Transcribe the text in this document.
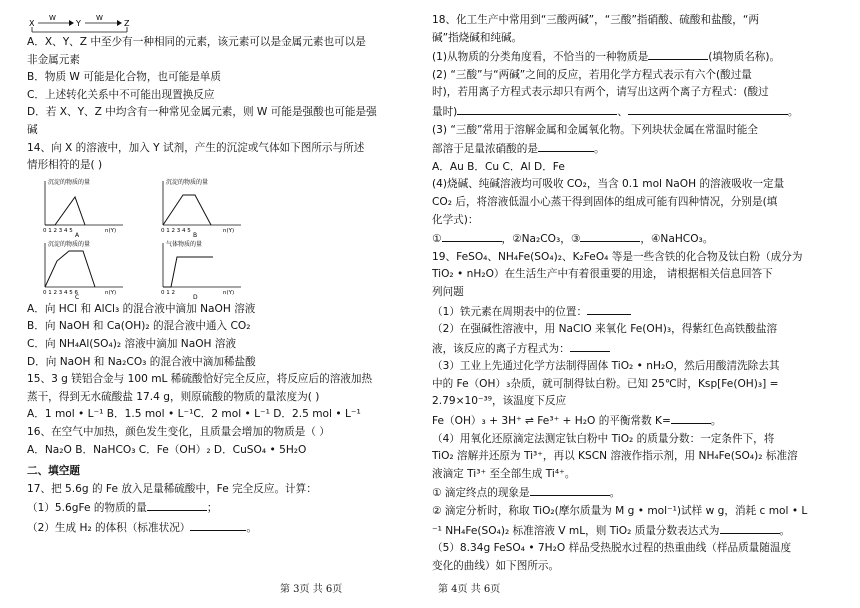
X
W
Y
W
Z

A．X、Y、Z 中至少有一种相同的元素，该元素可以是金属元素也可以是

非金属元素

B．物质 W 可能是化合物，也可能是单质

C．上述转化关系中不可能出现置换反应

D．若 X、Y、Z 中均含有一种常见金属元素，则 W 可能是强酸也可能是强

碱

14、向 X 的溶液中，加入 Y 试剂，产生的沉淀或气体如下图所示与所述

情形相符的是( )

沉淀的物质的量
0 1 2 3 4 5	n(Y)
A
沉淀的物质的量
0 1 2 3 4 5	n(Y)
B
沉淀的物质的量
0 1 2 3 4 5 6	n(Y)
C
气体物质的量
0 1 2	n(Y)
D

A．向 HCl 和 AlCl₃ 的混合液中滴加 NaOH 溶液

B．向 NaOH 和 Ca(OH)₂ 的混合液中通入 CO₂

C．向 NH₄Al(SO₄)₂ 溶液中滴加 NaOH 溶液

D．向 NaOH 和 Na₂CO₃ 的混合液中滴加稀盐酸

15、3 g 镁铝合金与 100 mL 稀硫酸恰好完全反应，将反应后的溶液加热

蒸干，得到无水硫酸盐 17.4 g，则原硫酸的物质的量浓度为( )

A．1 mol • L⁻¹ B．1.5 mol • L⁻¹C．2 mol • L⁻¹ D．2.5 mol • L⁻¹

16、在空气中加热，颜色发生变化，且质量会增加的物质是（ ）

A．Na₂O B．NaHCO₃ C．Fe（OH）₂ D．CuSO₄ • 5H₂O

二、填空题

17、把 5.6g 的 Fe 放入足量稀硫酸中，Fe 完全反应。计算：

（1）5.6gFe 的物质的量	；

（2）生成 H₂ 的体积（标准状况）	。

18、化工生产中常用到“三酸两碱”，“三酸”指硝酸、硫酸和盐酸，“两

碱”指烧碱和纯碱。

(1)从物质的分类角度看，不恰当的一种物质是	(填物质名称)。

(2) “三酸”与“两碱”之间的反应，若用化学方程式表示有六个(酸过量

时)，若用离子方程式表示却只有两个，请写出这两个离子方程式：(酸过

量时)	、	。

(3) “三酸”常用于溶解金属和金属氧化物。下列块状金属在常温时能全

部溶于足量浓硝酸的是	。

A．Au B．Cu C．Al D．Fe

(4)烧碱、纯碱溶液均可吸收 CO₂，当含 0.1 mol NaOH 的溶液吸收一定量

CO₂ 后，将溶液低温小心蒸干得到固体的组成可能有四种情况，分别是(填

化学式)：

①	，②Na₂CO₃，③	，④NaHCO₃。

19、FeSO₄、NH₄Fe(SO₄)₂、K₂FeO₄ 等是一些含铁的化合物及钛白粉（成分为

TiO₂ • nH₂O）在生活生产中有着很重要的用途， 请根据相关信息回答下

列问题

（1）铁元素在周期表中的位置：

（2）在强碱性溶液中，用 NaClO 来氧化 Fe(OH)₃，得紫红色高铁酸盐溶

液，该反应的离子方程式为：

（3）工业上先通过化学方法制得固体 TiO₂ • nH₂O，然后用酸清洗除去其

中的 Fe（OH）₃杂质，就可制得钛白粉。已知 25℃时，Ksp[Fe(OH)₃] =

2.79×10⁻³⁹，该温度下反应

Fe（OH）₃ + 3H⁺ ⇌ Fe³⁺ + H₂O 的平衡常数 K=	。

（4）用氧化还原滴定法测定钛白粉中 TiO₂ 的质量分数：一定条件下，将

TiO₂ 溶解并还原为 Ti³⁺，再以 KSCN 溶液作指示剂，用 NH₄Fe(SO₄)₂ 标准溶

液滴定 Ti³⁺ 至全部生成 Ti⁴⁺。

① 滴定终点的现象是	。

② 滴定分析时，称取 TiO₂(摩尔质量为 M g • mol⁻¹)试样 w g，消耗 c mol • L

⁻¹ NH₄Fe(SO₄)₂ 标准溶液 V mL，则 TiO₂ 质量分数表达式为	。

（5）8.34g FeSO₄ • 7H₂O 样品受热脱水过程的热重曲线（样品质量随温度

变化的曲线）如下图所示。

第 3页 共 6页	第 4页 共 6页
